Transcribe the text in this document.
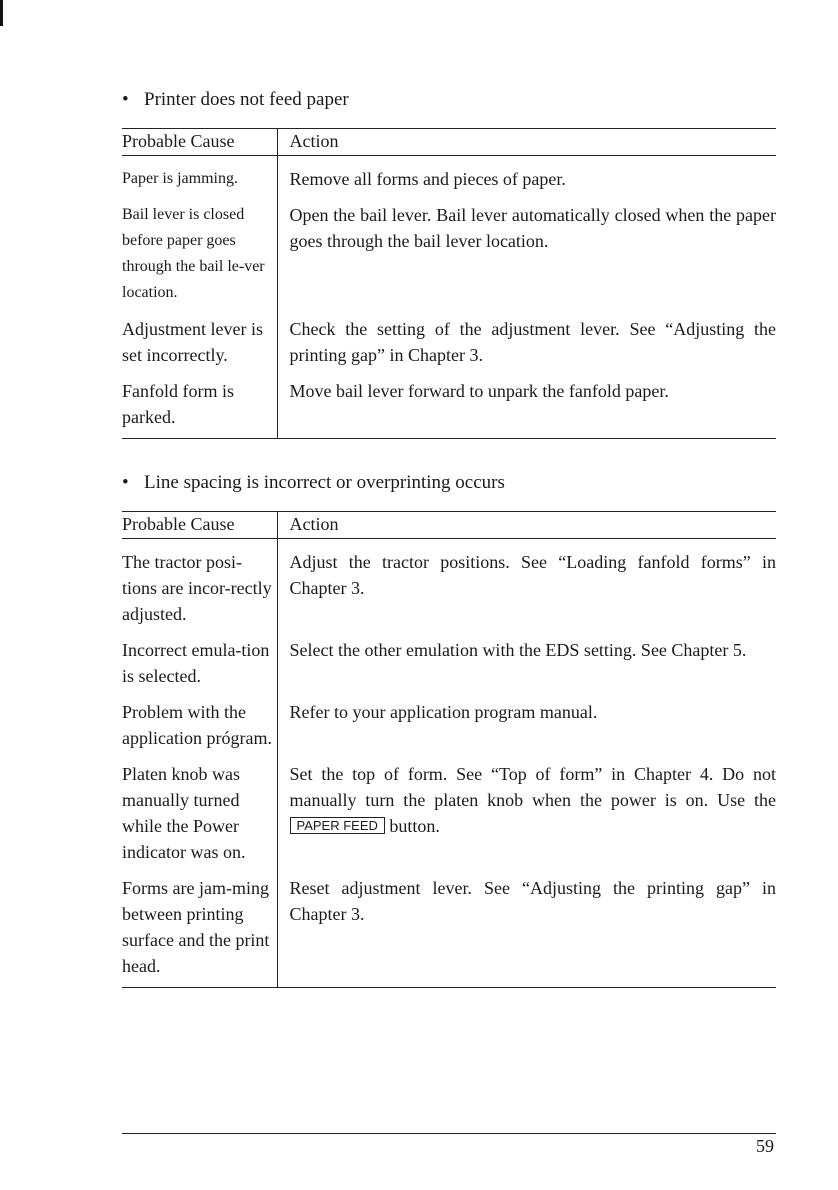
• Printer does not feed paper
Probable Cause	Action
Paper is jamming.	Remove all forms and pieces of paper.
Bail lever is closed before paper goes through the bail le-ver location.	Open the bail lever. Bail lever automatically closed when the paper goes through the bail lever location.
Adjustment lever is set incorrectly.	Check the setting of the adjustment lever. See “Adjusting the printing gap” in Chapter 3.
Fanfold form is parked.	Move bail lever forward to unpark the fanfold paper.
• Line spacing is incorrect or overprinting occurs
Probable Cause	Action
The tractor posi-tions are incor-rectly adjusted.	Adjust the tractor positions. See “Loading fanfold forms” in Chapter 3.
Incorrect emula-tion is selected.	Select the other emulation with the EDS setting. See Chapter 5.
Problem with the application prógram.	Refer to your application program manual.
Platen knob was manually turned while the Power indicator was on.	Set the top of form. See “Top of form” in Chapter 4. Do not manually turn the platen knob when the power is on. Use the PAPER FEED button.
Forms are jam-ming between printing surface and the print head.	Reset adjustment lever. See “Adjusting the printing gap” in Chapter 3.
59
